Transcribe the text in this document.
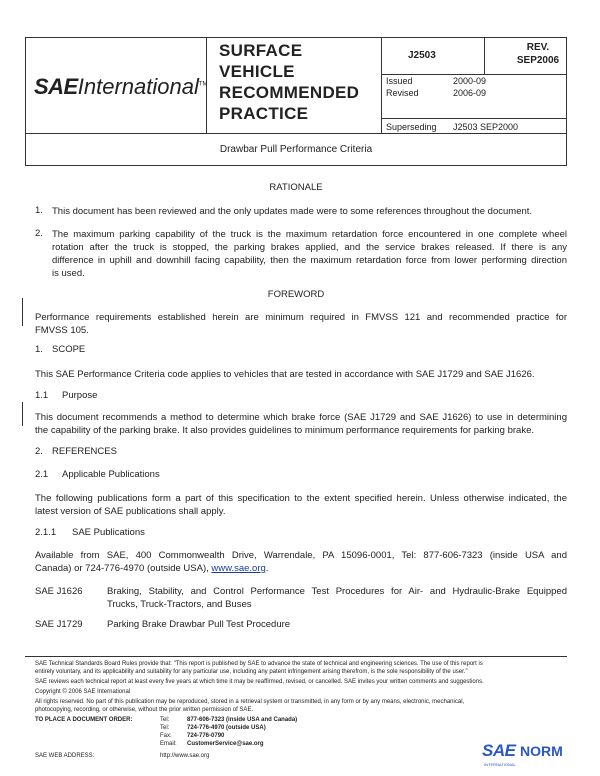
SAEInternational™
SURFACE
VEHICLE
RECOMMENDED
PRACTICE
J2503
REV.
SEP2006
Issued	2000-09
Revised	2006-09
Superseding J2503 SEP2000
Drawbar Pull Performance Criteria
RATIONALE
1. This document has been reviewed and the only updates made were to some references throughout the document.
2. The maximum parking capability of the truck is the maximum retardation force encountered in one complete wheel
rotation after the truck is stopped, the parking brakes applied, and the service brakes released. If there is any
difference in uphill and downhill facing capability, then the maximum retardation force from lower performing direction
is used.
FOREWORD
Performance requirements established herein are minimum required in FMVSS 121 and recommended practice for
FMVSS 105.
1. SCOPE
This SAE Performance Criteria code applies to vehicles that are tested in accordance with SAE J1729 and SAE J1626.
1.1 Purpose
This document recommends a method to determine which brake force (SAE J1729 and SAE J1626) to use in determining
the capability of the parking brake. It also provides guidelines to minimum performance requirements for parking brake.
2. REFERENCES
2.1 Applicable Publications
The following publications form a part of this specification to the extent specified herein. Unless otherwise indicated, the
latest version of SAE publications shall apply.
2.1.1 SAE Publications
Available from SAE, 400 Commonwealth Drive, Warrendale, PA 15096-0001, Tel: 877-606-7323 (inside USA and
Canada) or 724-776-4970 (outside USA), www.sae.org.
SAE J1626	Braking, Stability, and Control Performance Test Procedures for Air- and Hydraulic-Brake Equipped
Trucks, Truck-Tractors, and Buses
SAE J1729	Parking Brake Drawbar Pull Test Procedure
SAE Technical Standards Board Rules provide that: "This report is published by SAE to advance the state of technical and engineering sciences. The use of this report is
entirely voluntary, and its applicability and suitability for any particular use, including any patent infringement arising therefrom, is the sole responsibility of the user."
SAE reviews each technical report at least every five years at which time it may be reaffirmed, revised, or cancelled. SAE invites your written comments and suggestions.
Copyright © 2006 SAE International
All rights reserved. No part of this publication may be reproduced, stored in a retrieval system or transmitted, in any form or by any means, electronic, mechanical,
photocopying, recording, or otherwise, without the prior written permission of SAE.
TO PLACE A DOCUMENT ORDER:	Tel:	877-606-7323 (inside USA and Canada)
Tel:	724-776-4970 (outside USA)
Fax:	724-776-0790
Email: CustomerService@sae.org
SAE WEB ADDRESS:	http://www.sae.org	SAE NORM
INTERNATIONAL
